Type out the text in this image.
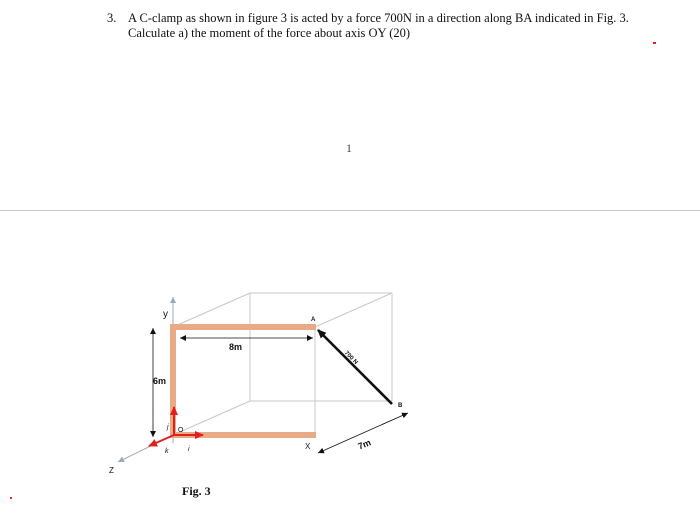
3. A C-clamp as shown in figure 3 is acted by a force 700N in a direction along BA indicated in Fig. 3. Calculate a) the moment of the force about axis OY (20)
1
y
Z
X
O
A
B
8m
6m
7m
700 N
j
k	i
Fig. 3
